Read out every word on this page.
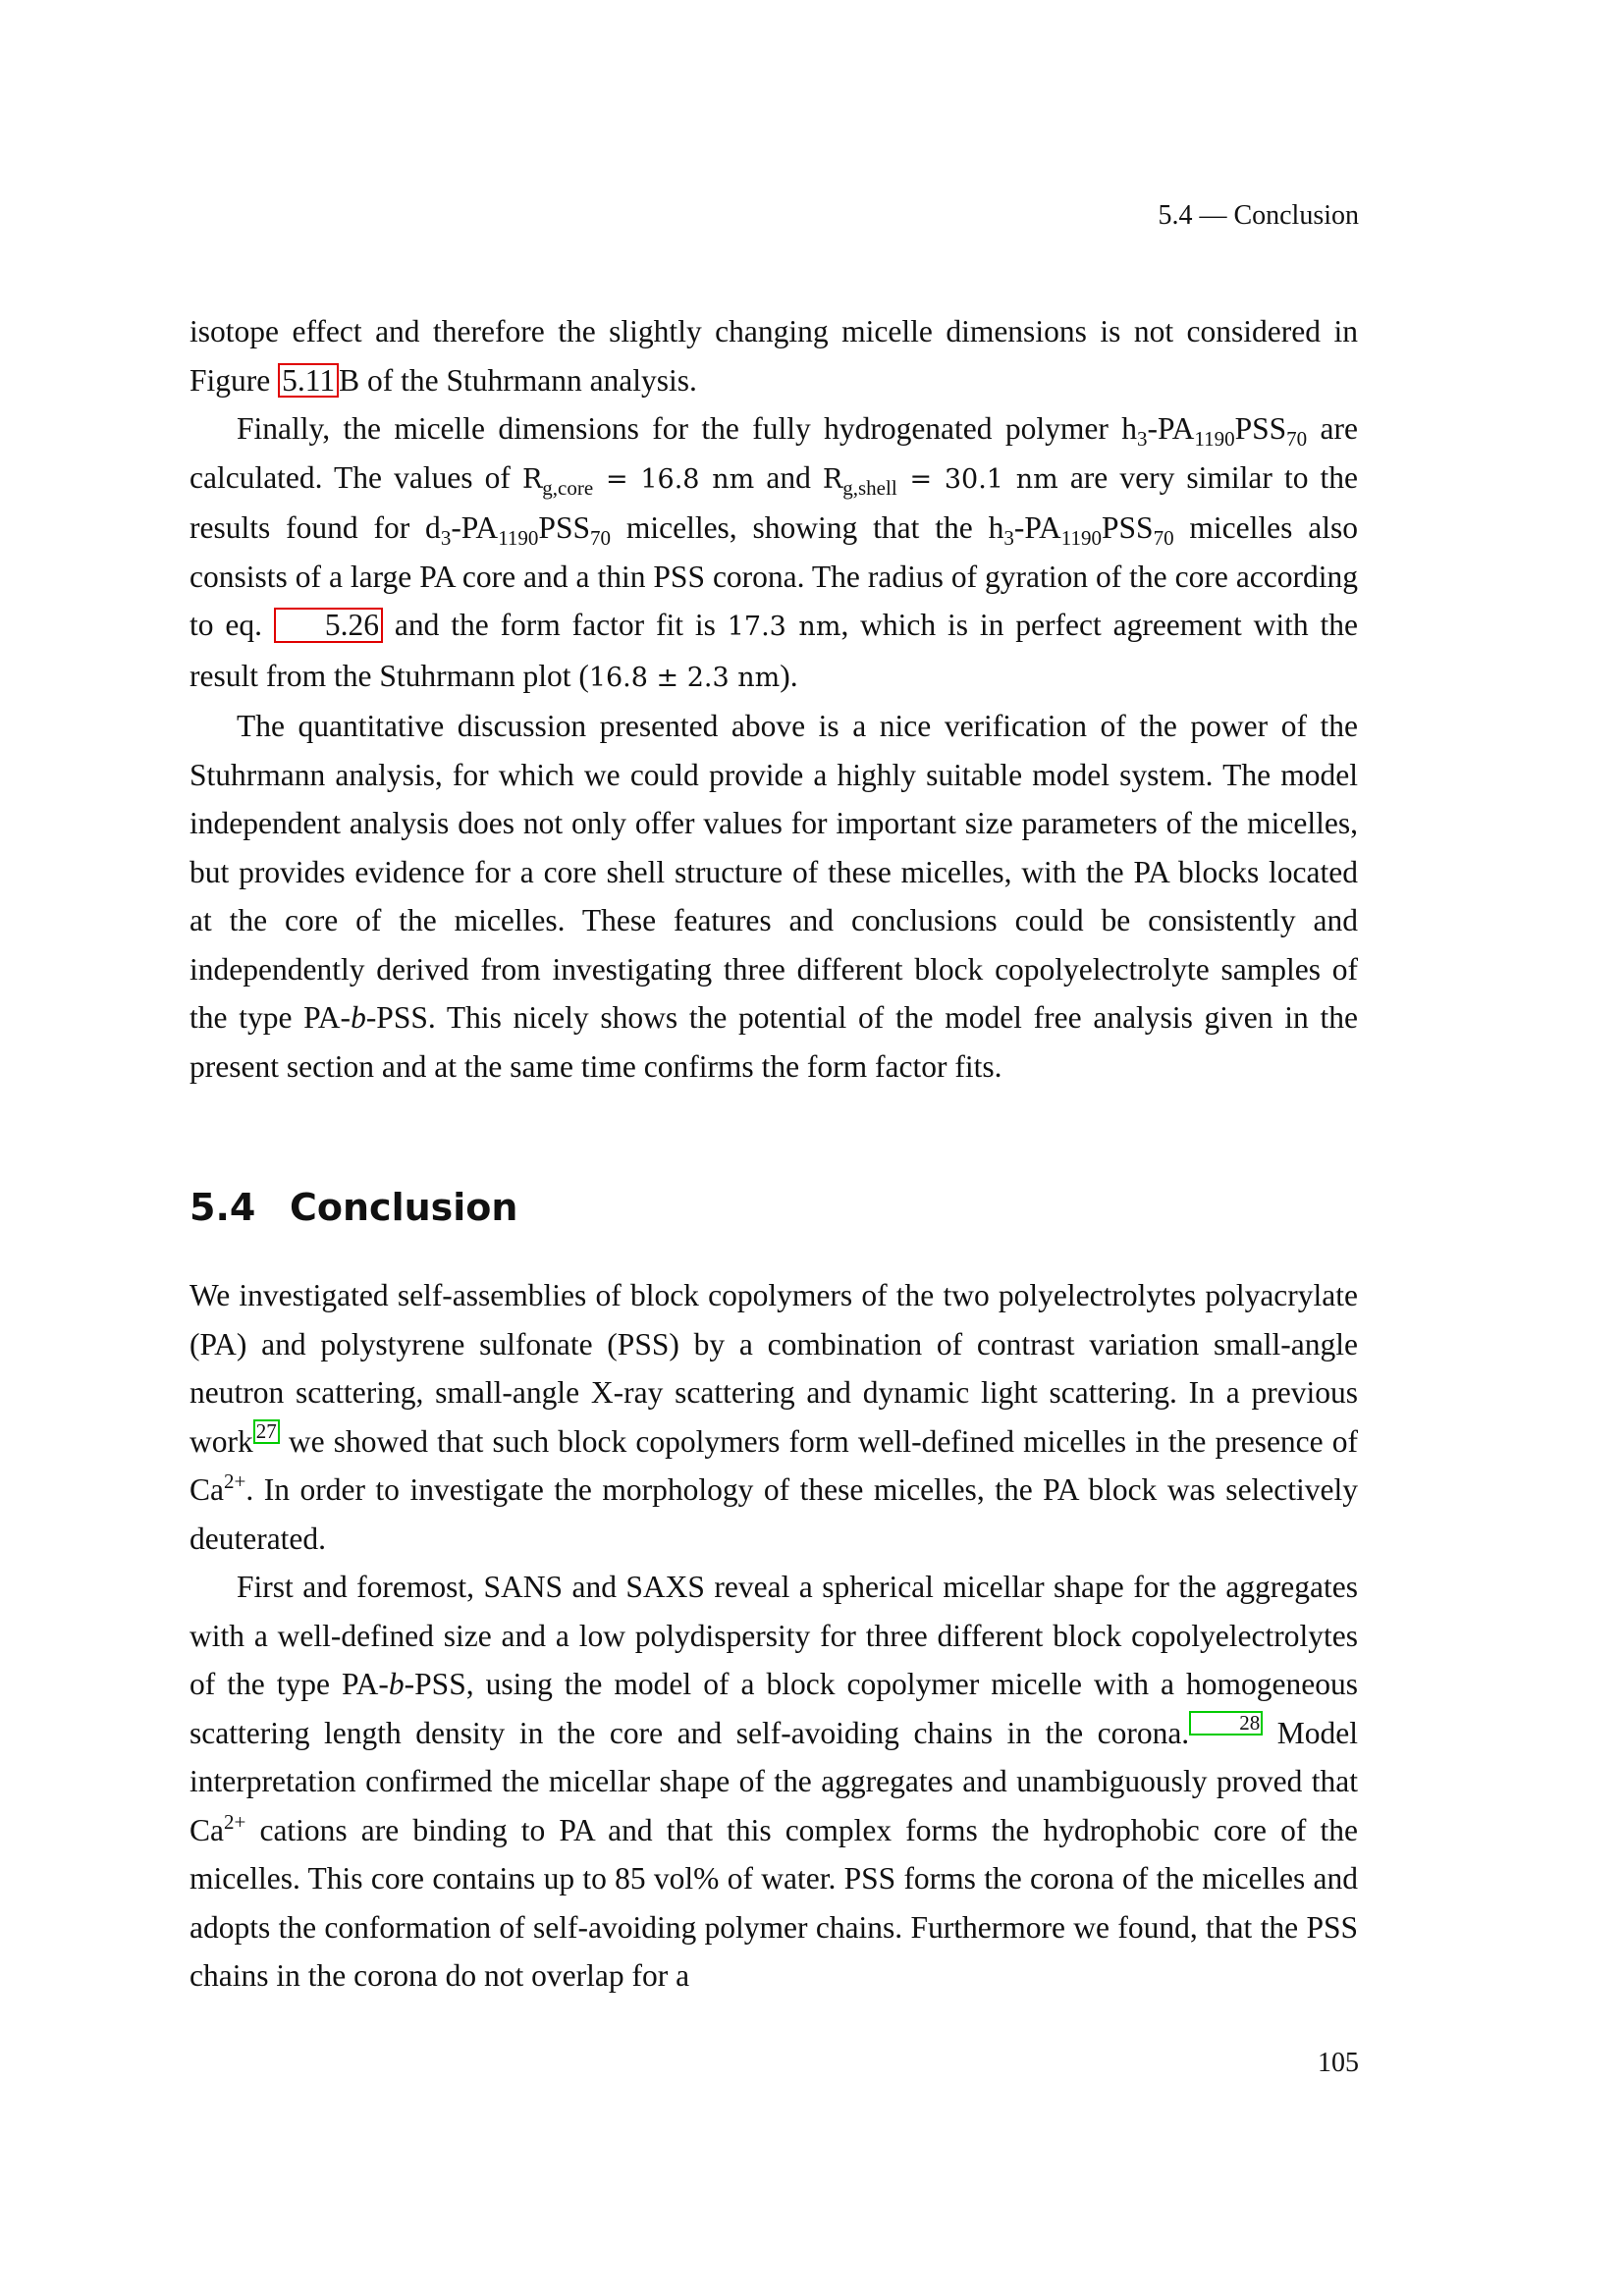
5.4 — Conclusion

isotope effect and therefore the slightly changing micelle dimensions is not considered in Figure 5.11 B of the Stuhrmann analysis.

Finally, the micelle dimensions for the fully hydrogenated polymer $h_3-PA_{1190}PSS_{70}$ are calculated. The values of $R_{g,core} = 16.8$ nm and $R_{g,shell} = 30.1$ nm are very similar to the results found for $d_3-PA_{1190}PSS_{70}$ micelles, showing that the $h_3-PA_{1190}PSS_{70}$ micelles also consists of a large PA core and a thin PSS corona. The radius of gyration of the core according to eq. 5.26 and the form factor fit is 17.3 nm, which is in perfect agreement with the result from the Stuhrmann plot (16.8 ± 2.3 nm).

The quantitative discussion presented above is a nice verification of the power of the Stuhrmann analysis, for which we could provide a highly suitable model system. The model independent analysis does not only offer values for important size parameters of the micelles, but provides evidence for a core shell structure of these micelles, with the PA blocks located at the core of the micelles. These features and conclusions could be consistently and independently derived from investigating three different block copolyelectrolyte samples of the type PA-b-PSS. This nicely shows the potential of the model free analysis given in the present section and at the same time confirms the form factor fits.

5.4 Conclusion

We investigated self-assemblies of block copolymers of the two polyelectrolytes polyacrylate (PA) and polystyrene sulfonate (PSS) by a combination of contrast variation small-angle neutron scattering, small-angle X-ray scattering and dynamic light scattering. In a previous work 27 we showed that such block copolymers form well-defined micelles in the presence of $Ca^{2+}$. In order to investigate the morphology of these micelles, the PA block was selectively deuterated.

First and foremost, SANS and SAXS reveal a spherical micellar shape for the aggregates with a well-defined size and a low polydispersity for three different block copolyelectrolytes of the type PA-b-PSS, using the model of a block copolymer micelle with a homogeneous scattering length density in the core and self-avoiding chains in the corona. 28 Model interpretation confirmed the micellar shape of the aggregates and unambiguously proved that $Ca^{2+}$ cations are binding to PA and that this complex forms the hydrophobic core of the micelles. This core contains up to 85 vol% of water. PSS forms the corona of the micelles and adopts the conformation of self-avoiding polymer chains. Furthermore we found, that the PSS chains in the corona do not overlap for a

105
